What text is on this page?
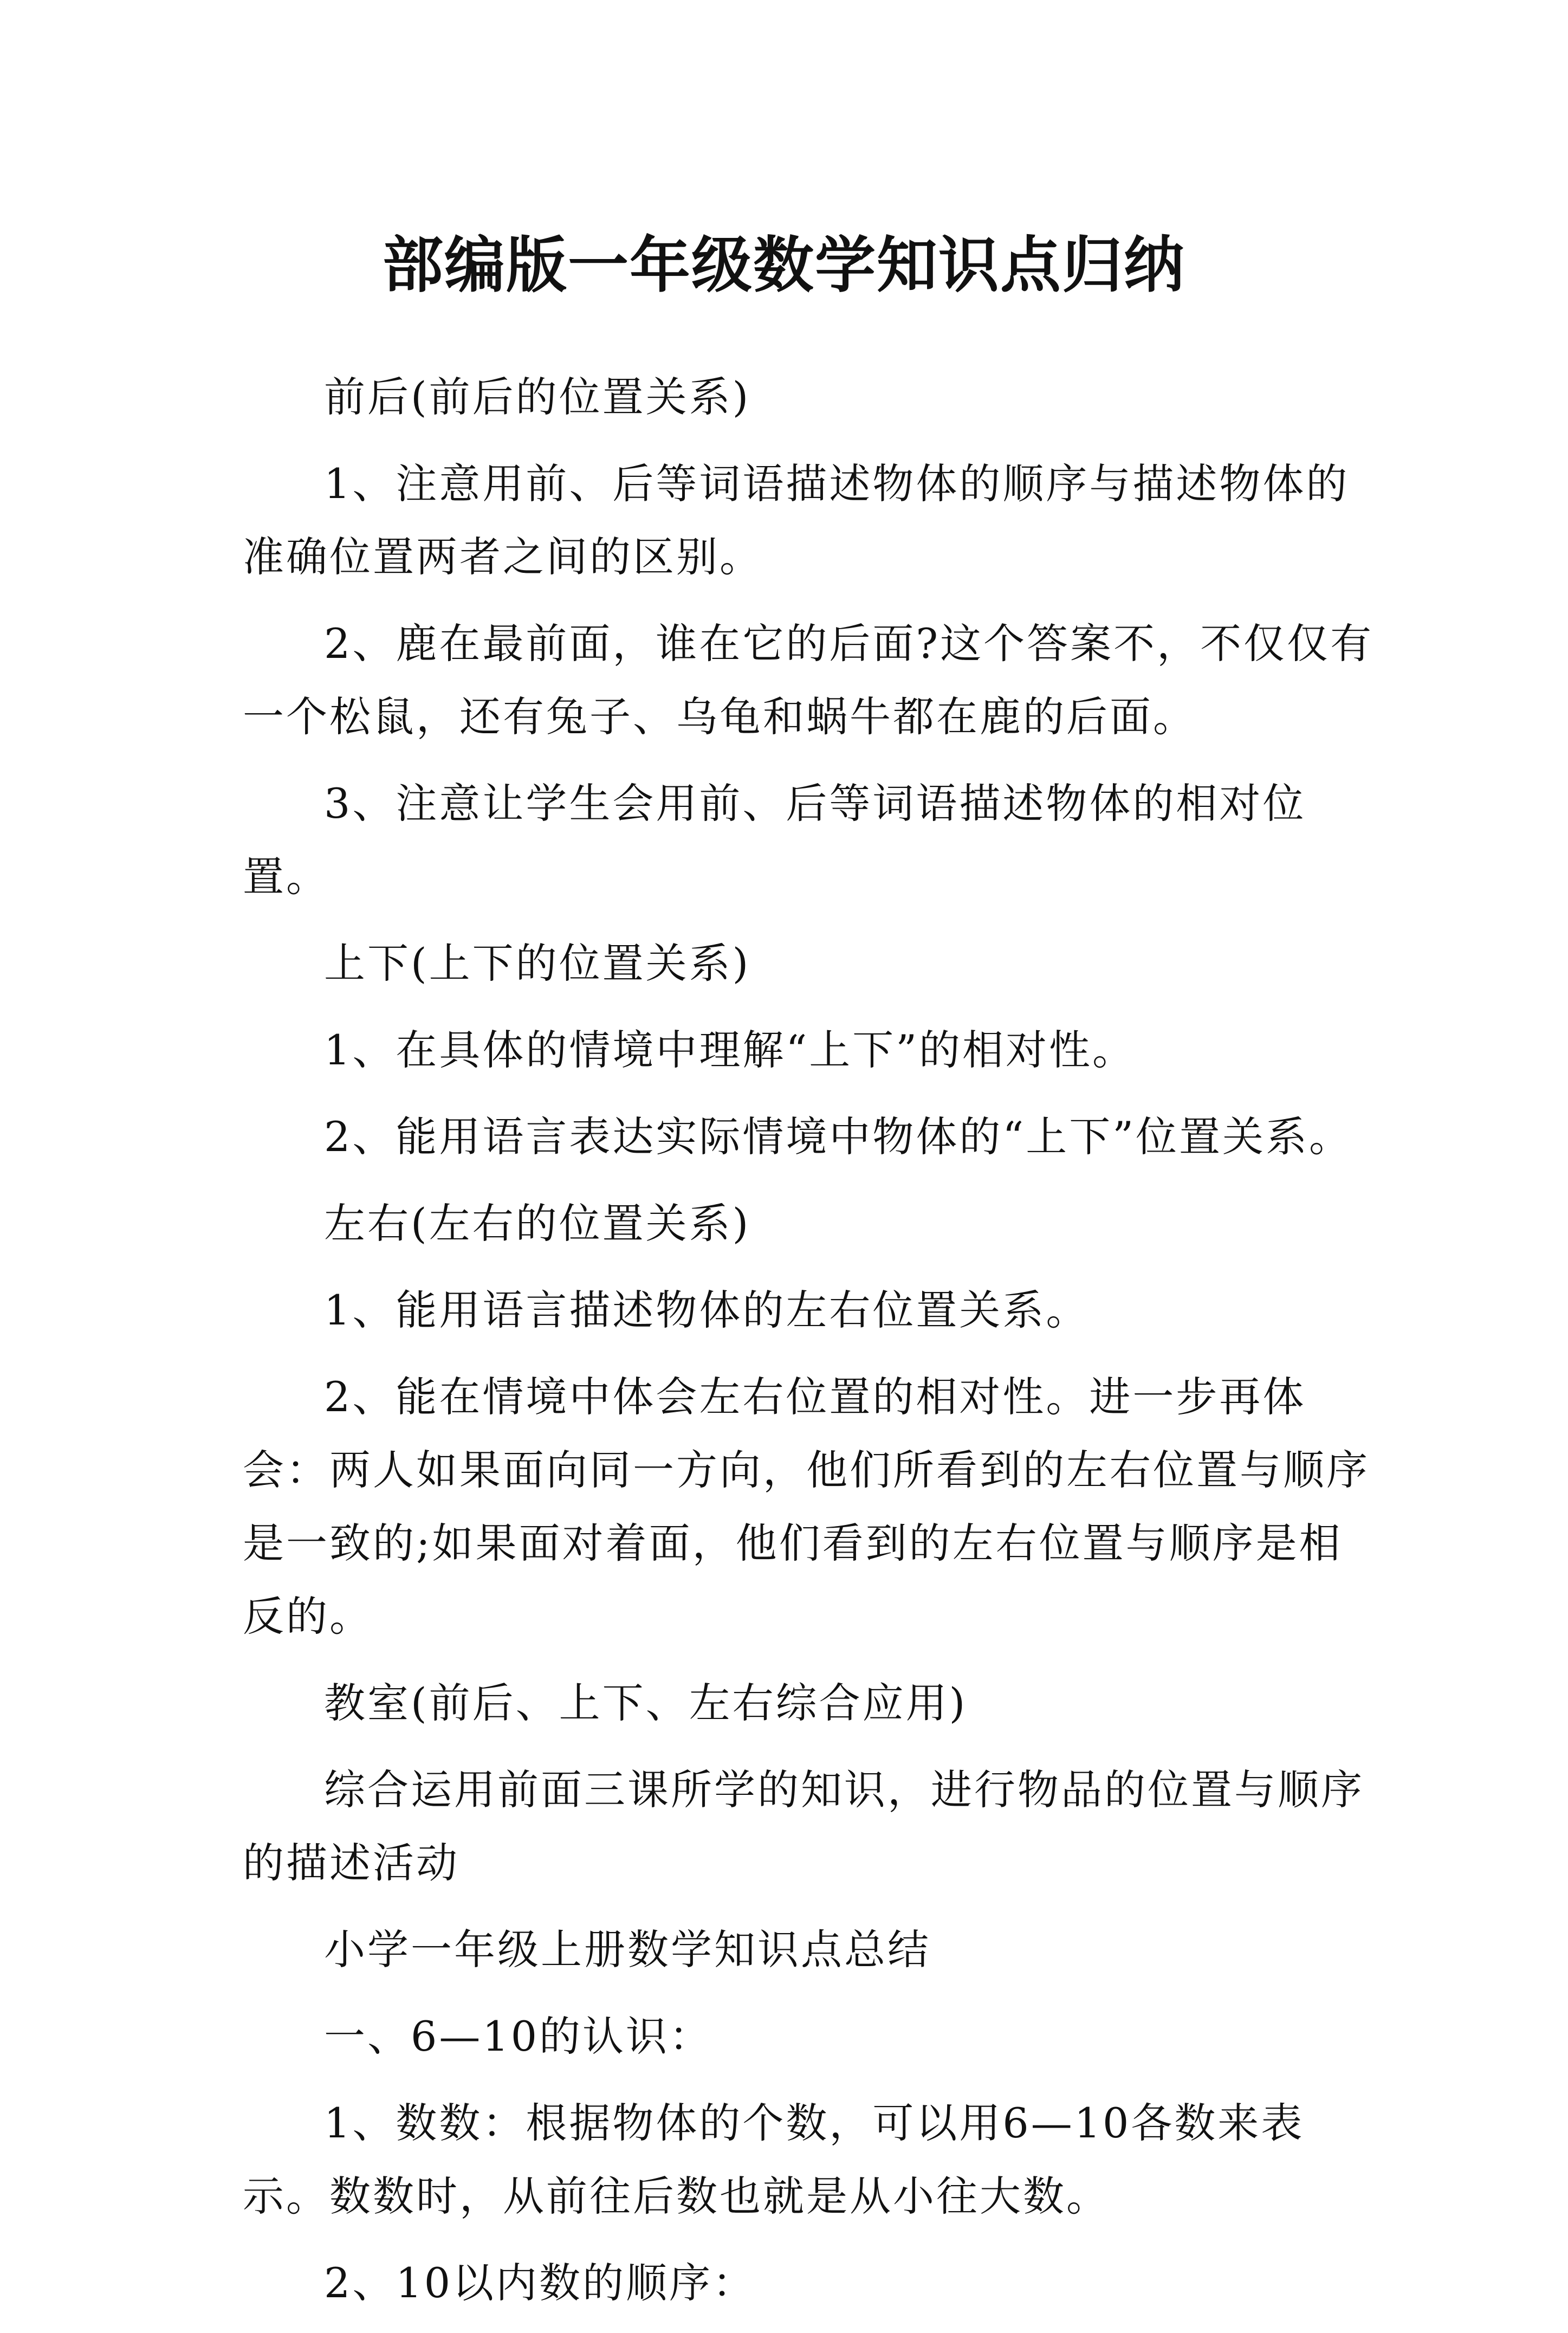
部编版一年级数学知识点归纳

前后(前后的位置关系)

1、注意用前、后等词语描述物体的顺序与描述物体的准确位置两者之间的区别。

2、鹿在最前面，谁在它的后面?这个答案不，不仅仅有一个松鼠，还有兔子、乌龟和蜗牛都在鹿的后面。

3、注意让学生会用前、后等词语描述物体的相对位置。

上下(上下的位置关系)

1、在具体的情境中理解“上下”的相对性。

2、能用语言表达实际情境中物体的“上下”位置关系。

左右(左右的位置关系)

1、能用语言描述物体的左右位置关系。

2、能在情境中体会左右位置的相对性。进一步再体会：两人如果面向同一方向，他们所看到的左右位置与顺序是一致的;如果面对着面，他们看到的左右位置与顺序是相反的。

教室(前后、上下、左右综合应用)

综合运用前面三课所学的知识，进行物品的位置与顺序的描述活动

小学一年级上册数学知识点总结

一、6—10的认识：

1、数数：根据物体的个数，可以用6—10各数来表示。数数时，从前往后数也就是从小往大数。

2、10以内数的顺序：
